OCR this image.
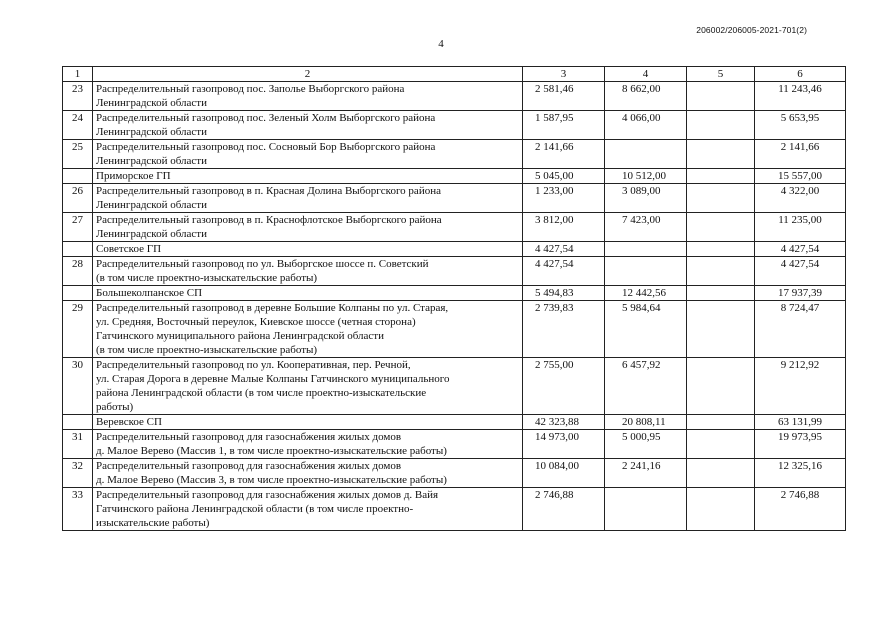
206002/206005-2021-701(2)
4
1	2	3	4	5	6
23	Распределительный газопровод пос. Заполье Выборгского района
Ленинградской области	2 581,46	8 662,00		11 243,46
24	Распределительный газопровод пос. Зеленый Холм Выборгского района
Ленинградской области	1 587,95	4 066,00		5 653,95
25	Распределительный газопровод пос. Сосновый Бор Выборгского района
Ленинградской области	2 141,66			2 141,66
	Приморское ГП	5 045,00	10 512,00		15 557,00
26	Распределительный газопровод в п. Красная Долина Выборгского района
Ленинградской области	1 233,00	3 089,00		4 322,00
27	Распределительный газопровод в п. Краснофлотское Выборгского района
Ленинградской области	3 812,00	7 423,00		11 235,00
	Советское ГП	4 427,54			4 427,54
28	Распределительный газопровод по ул. Выборгское шоссе п. Советский
(в том числе проектно-изыскательские работы)	4 427,54			4 427,54
	Большеколпанское СП	5 494,83	12 442,56		17 937,39
29	Распределительный газопровод в деревне Большие Колпаны по ул. Старая,
ул. Средняя, Восточный переулок, Киевское шоссе (четная сторона)
Гатчинского муниципального района Ленинградской области
(в том числе проектно-изыскательские работы)	2 739,83	5 984,64		8 724,47
30	Распределительный газопровод по ул. Кооперативная, пер. Речной,
ул. Старая Дорога в деревне Малые Колпаны Гатчинского муниципального
района Ленинградской области (в том числе проектно-изыскательские
работы)	2 755,00	6 457,92		9 212,92
	Веревское СП	42 323,88	20 808,11		63 131,99
31	Распределительный газопровод для газоснабжения жилых домов
д. Малое Верево (Массив 1, в том числе проектно-изыскательские работы)	14 973,00	5 000,95		19 973,95
32	Распределительный газопровод для газоснабжения жилых домов
д. Малое Верево (Массив 3, в том числе проектно-изыскательские работы)	10 084,00	2 241,16		12 325,16
33	Распределительный газопровод для газоснабжения жилых домов д. Вайя
Гатчинского района Ленинградской области (в том числе проектно-
изыскательские работы)	2 746,88			2 746,88
